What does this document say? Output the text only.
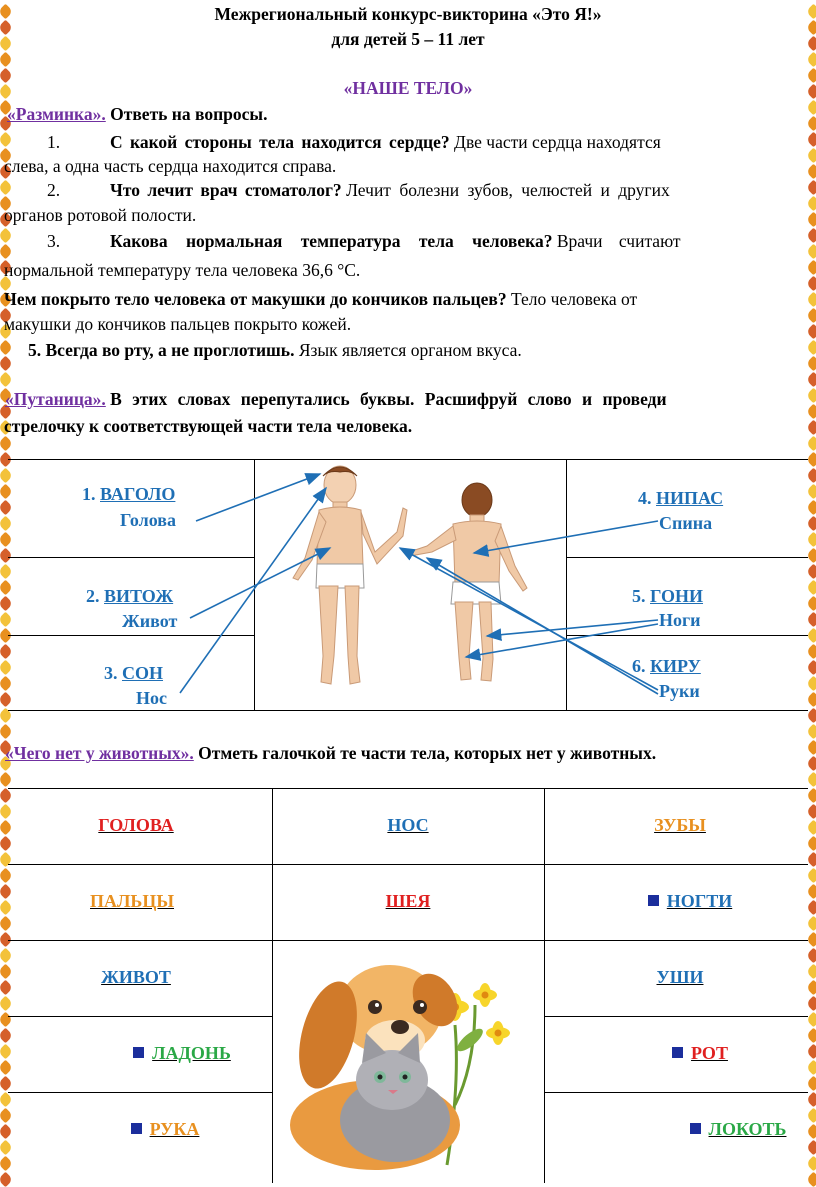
Межрегиональный конкурс-викторина «Это Я!»
для детей 5 – 11 лет
«НАШЕ ТЕЛО»
«Разминка». Ответь на вопросы.
1.	С какой стороны тела находится сердце? Две части сердца находятся
слева, а одна часть сердца находится справа.
2.	Что лечит врач стоматолог? Лечит болезни зубов, челюстей и других
органов ротовой полости.
3.	Какова нормальная температура тела человека? Врачи считают
нормальной температуру тела человека 36,6 °С.
Чем покрыто тело человека от макушки до кончиков пальцев? Тело человека от
макушки до кончиков пальцев покрыто кожей.
5. Всегда во рту, а не проглотишь. Язык является органом вкуса.
«Путаница». В этих словах перепутались буквы. Расшифруй слово и проведи
стрелочку к соответствующей части тела человека.
1. ВАГОЛО
Голова
2. ВИТОЖ
Живот
3. СОН
Нос
4. НИПАС
Спина
5. ГОНИ
Ноги
6. КИРУ
Руки
«Чего нет у животных». Отметь галочкой те части тела, которых нет у животных.
ГОЛОВА	НОС	ЗУБЫ
ПАЛЬЦЫ	ШЕЯ	НОГТИ
ЖИВОТ	УШИ
ЛАДОНЬ	РОТ
РУКА	ЛОКОТЬ
